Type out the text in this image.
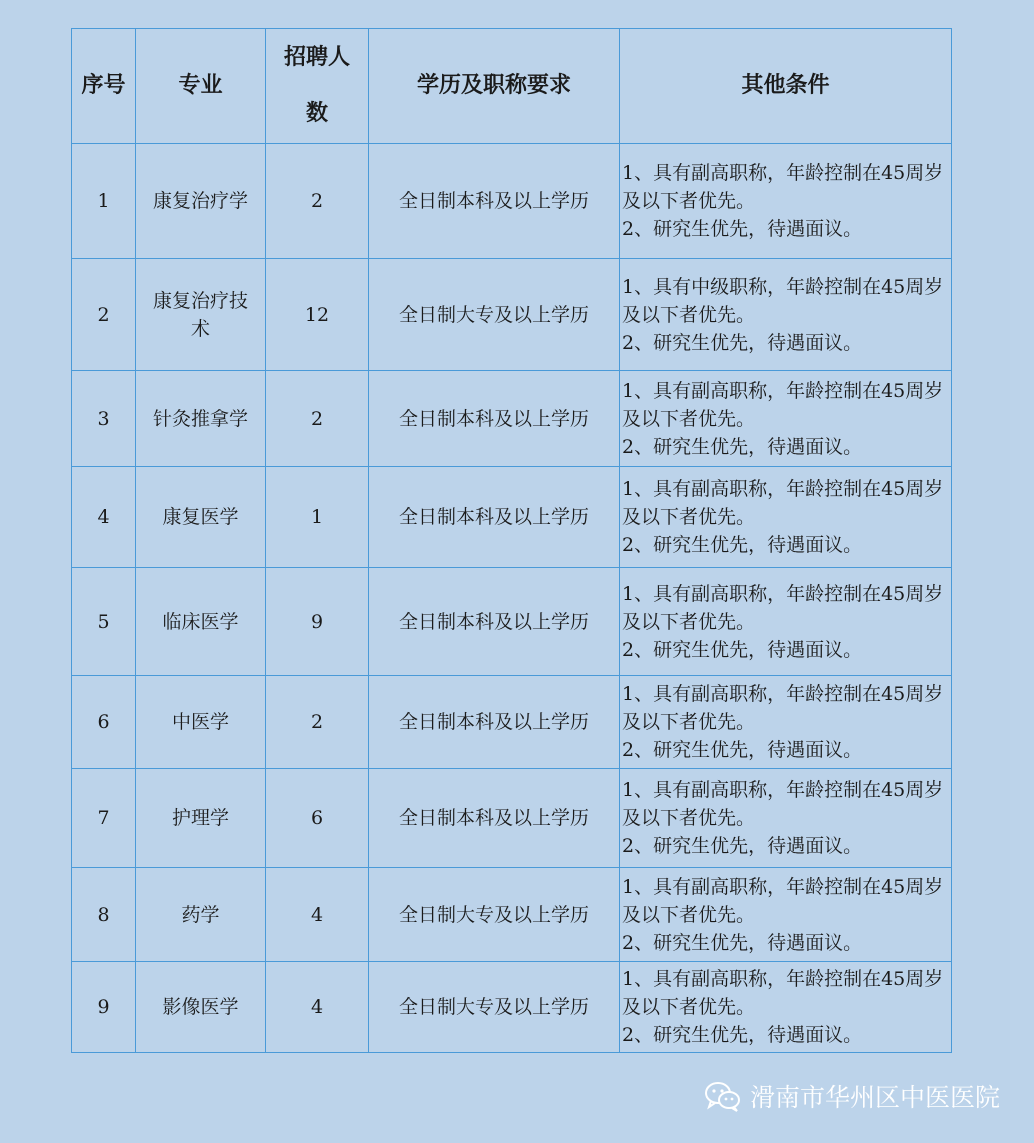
序号	专业	招聘人数	学历及职称要求	其他条件
1	康复治疗学	2	全日制本科及以上学历	1、具有副高职称，年龄控制在45周岁及以下者优先。
2、研究生优先，待遇面议。
2	康复治疗技术	12	全日制大专及以上学历	1、具有中级职称，年龄控制在45周岁及以下者优先。
2、研究生优先，待遇面议。
3	针灸推拿学	2	全日制本科及以上学历	1、具有副高职称，年龄控制在45周岁及以下者优先。
2、研究生优先，待遇面议。
4	康复医学	1	全日制本科及以上学历	1、具有副高职称，年龄控制在45周岁及以下者优先。
2、研究生优先，待遇面议。
5	临床医学	9	全日制本科及以上学历	1、具有副高职称，年龄控制在45周岁及以下者优先。
2、研究生优先，待遇面议。
6	中医学	2	全日制本科及以上学历	1、具有副高职称，年龄控制在45周岁及以下者优先。
2、研究生优先，待遇面议。
7	护理学	6	全日制本科及以上学历	1、具有副高职称，年龄控制在45周岁及以下者优先。
2、研究生优先，待遇面议。
8	药学	4	全日制大专及以上学历	1、具有副高职称，年龄控制在45周岁及以下者优先。
2、研究生优先，待遇面议。
9	影像医学	4	全日制大专及以上学历	1、具有副高职称，年龄控制在45周岁及以下者优先。
2、研究生优先，待遇面议。
滑南市华州区中医医院
